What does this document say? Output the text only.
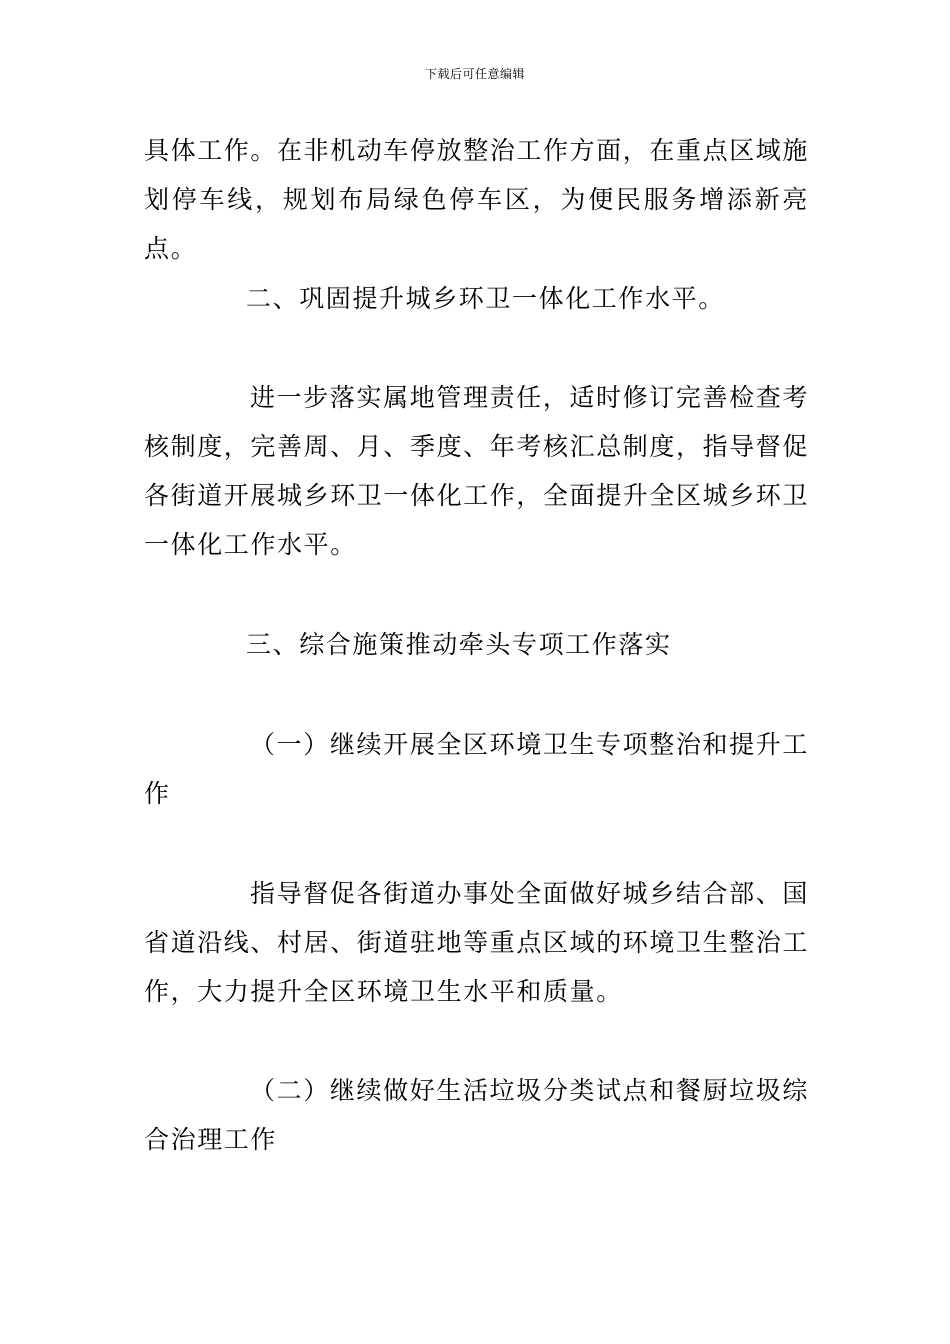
下载后可任意编辑

具体工作。在非机动车停放整治工作方面，在重点区域施划停车线，规划布局绿色停车区，为便民服务增添新亮点。

二、巩固提升城乡环卫一体化工作水平。

进一步落实属地管理责任，适时修订完善检查考核制度，完善周、月、季度、年考核汇总制度，指导督促各街道开展城乡环卫一体化工作，全面提升全区城乡环卫一体化工作水平。

三、综合施策推动牵头专项工作落实

（一）继续开展全区环境卫生专项整治和提升工作

指导督促各街道办事处全面做好城乡结合部、国省道沿线、村居、街道驻地等重点区域的环境卫生整治工作，大力提升全区环境卫生水平和质量。

（二）继续做好生活垃圾分类试点和餐厨垃圾综合治理工作
